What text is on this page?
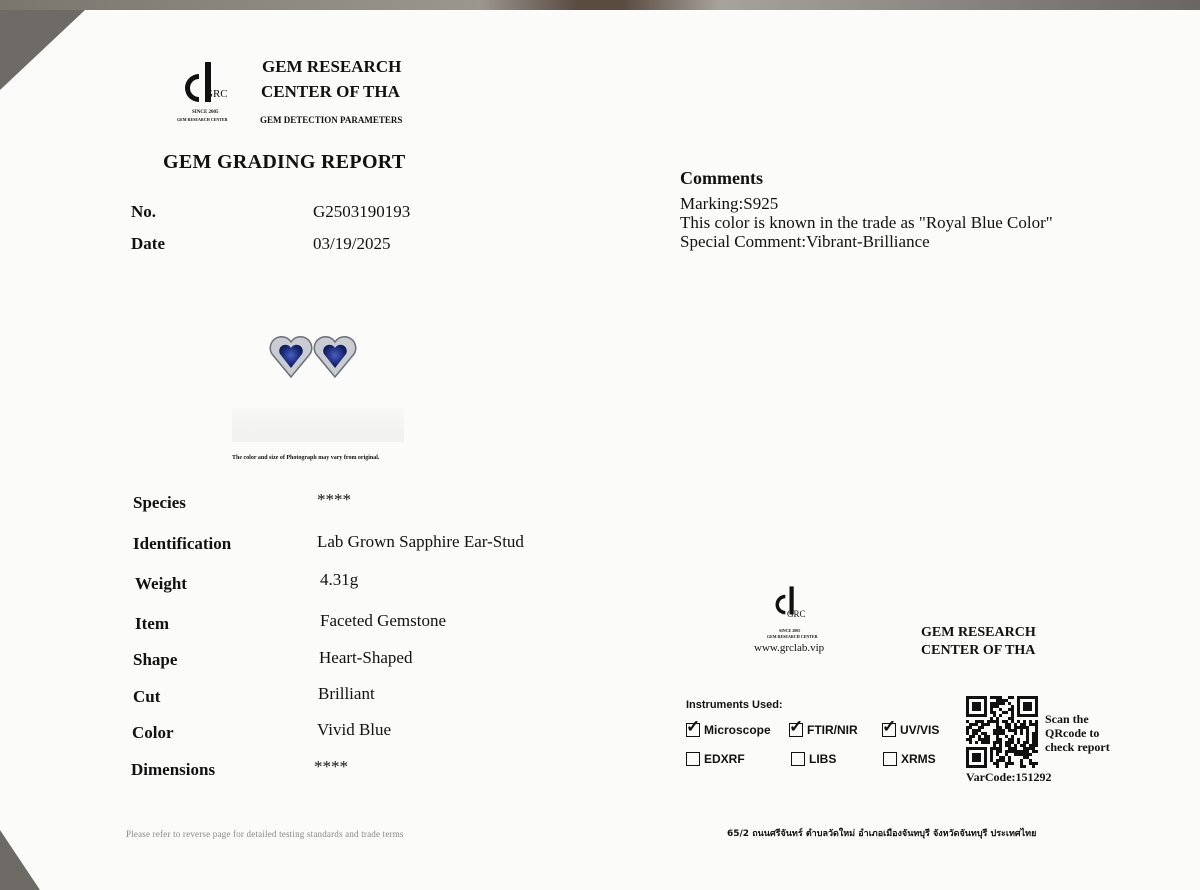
GRC
SINCE 2005
GEM RESEARCH CENTER
GEM RESEARCH
CENTER OF THA
GEM DETECTION PARAMETERS
GEM GRADING REPORT
No.	G2503190193
Date	03/19/2025
The color and size of Photograph may vary from original.
Species	****
Identification	Lab Grown Sapphire Ear-Stud
Weight	4.31g
Item	Faceted Gemstone
Shape	Heart-Shaped
Cut	Brilliant
Color	Vivid Blue
Dimensions	****
Comments
Marking:S925
This color is known in the trade as "Royal Blue Color"
Special Comment:Vibrant-Brilliance
GRC
SINCE 2005
GEM RESEARCH CENTER
www.grclab.vip
GEM RESEARCH
CENTER OF THA
Instruments Used:
✓ Microscope ✓ FTIR/NIR ✓ UV/VIS
EDXRF	LIBS	XRMS
Scan the
QRcode to
check report
VarCode:151292
Please refer to reverse page for detailed testing standards and trade terms	65/2 ถนนศรีจันทร์ ตำบลวัดใหม่ อำเภอเมืองจันทบุรี จังหวัดจันทบุรี ประเทศไทย
